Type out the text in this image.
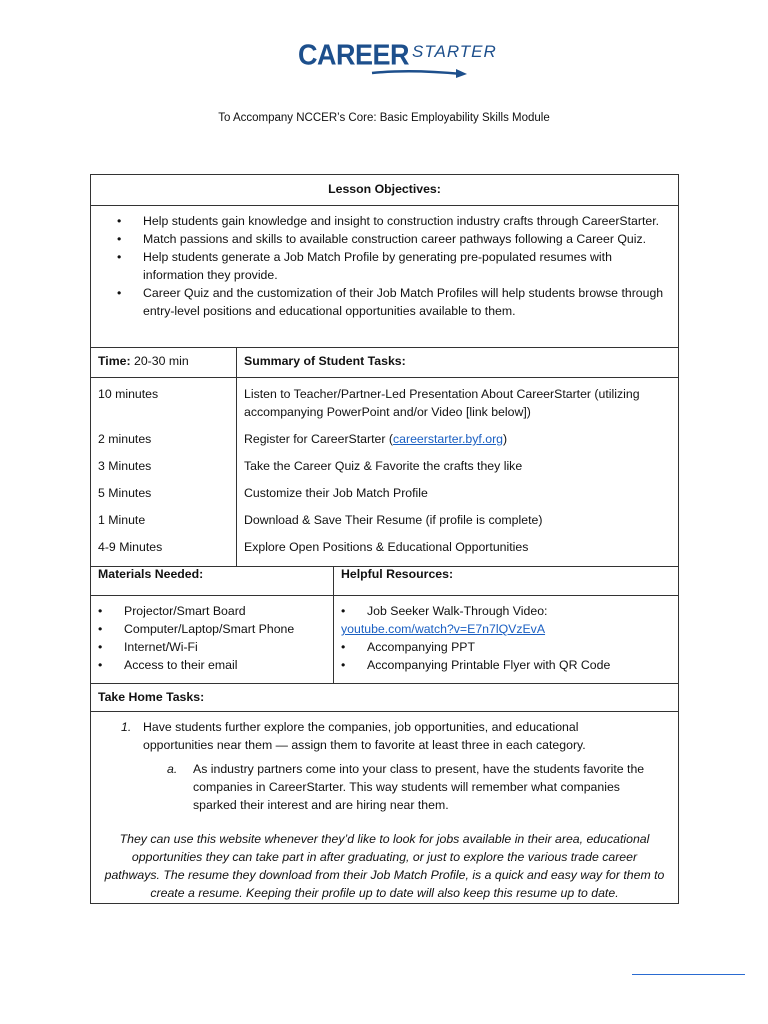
CAREER STARTER
To Accompany NCCER’s Core: Basic Employability Skills Module
Lesson Objectives:
• Help students gain knowledge and insight to construction industry crafts through CareerStarter.
• Match passions and skills to available construction career pathways following a Career Quiz.
• Help students generate a Job Match Profile by generating pre-populated resumes with information they provide.
• Career Quiz and the customization of their Job Match Profiles will help students browse through entry-level positions and educational opportunities available to them.
Time: 20-30 min	Summary of Student Tasks:
10 minutes	Listen to Teacher/Partner-Led Presentation About CareerStarter (utilizing accompanying PowerPoint and/or Video [link below])
2 minutes	Register for CareerStarter (careerstarter.byf.org)
3 Minutes	Take the Career Quiz & Favorite the crafts they like
5 Minutes	Customize their Job Match Profile
1 Minute	Download & Save Their Resume (if profile is complete)
4-9 Minutes	Explore Open Positions & Educational Opportunities
Materials Needed:	Helpful Resources:
• Projector/Smart Board
• Computer/Laptop/Smart Phone
• Internet/Wi-Fi
• Access to their email
• Job Seeker Walk-Through Video:
youtube.com/watch?v=E7n7lQVzEvA
• Accompanying PPT
• Accompanying Printable Flyer with QR Code
Take Home Tasks:
1. Have students further explore the companies, job opportunities, and educational opportunities near them — assign them to favorite at least three in each category.
a. As industry partners come into your class to present, have the students favorite the companies in CareerStarter. This way students will remember what companies sparked their interest and are hiring near them.
They can use this website whenever they’d like to look for jobs available in their area, educational opportunities they can take part in after graduating, or just to explore the various trade career pathways. The resume they download from their Job Match Profile, is a quick and easy way for them to create a resume. Keeping their profile up to date will also keep this resume up to date.
